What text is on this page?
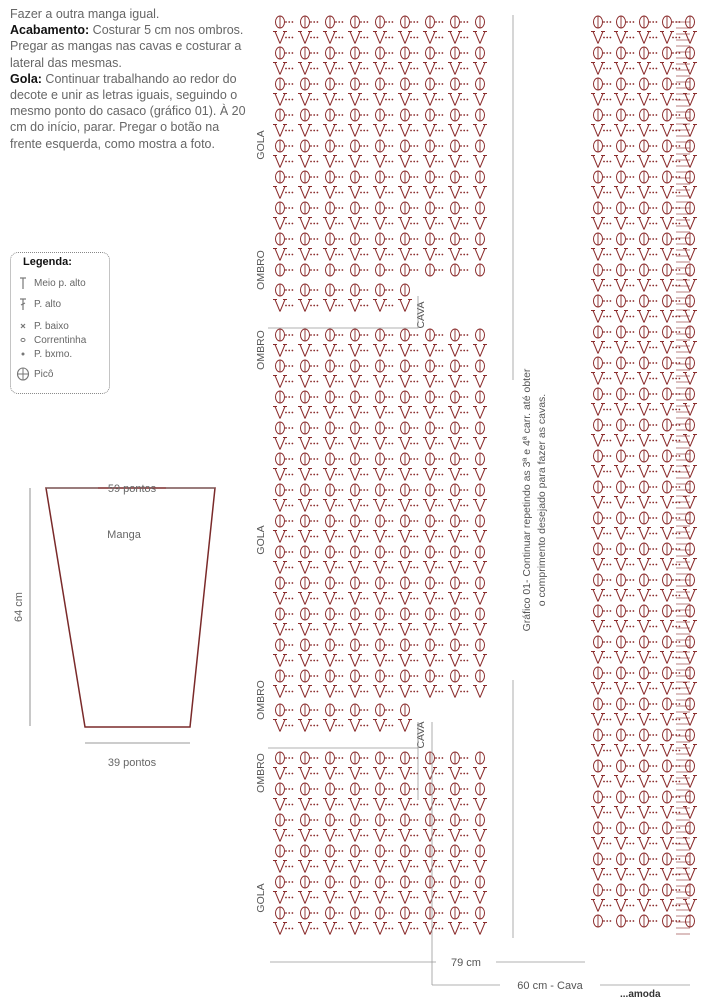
Fazer a outra manga igual.

Acabamento: Costurar 5 cm nos ombros. Pregar as mangas nas cavas e costurar a lateral das mesmas.

Gola: Continuar trabalhando ao redor do decote e unir as letras iguais, seguindo o mesmo ponto do casaco (gráfico 01). À 20 cm do início, parar. Pregar o botão na frente esquerda, como mostra a foto.

Legenda:
Meio p. alto
P. alto
P. baixo
Correntinha
P. bxmo.
Picô
59 pontos
Manga
64 cm
39 pontos
GOLA
OMBRO
OMBRO
GOLA
OMBRO
OMBRO
GOLA
CAVA
CAVA
Gráfico 01- Continuar repetindo as 3ª e 4ª carr. até obter o comprimento desejado para fazer as cavas.
79 cm
60 cm - Cava
...amoda
